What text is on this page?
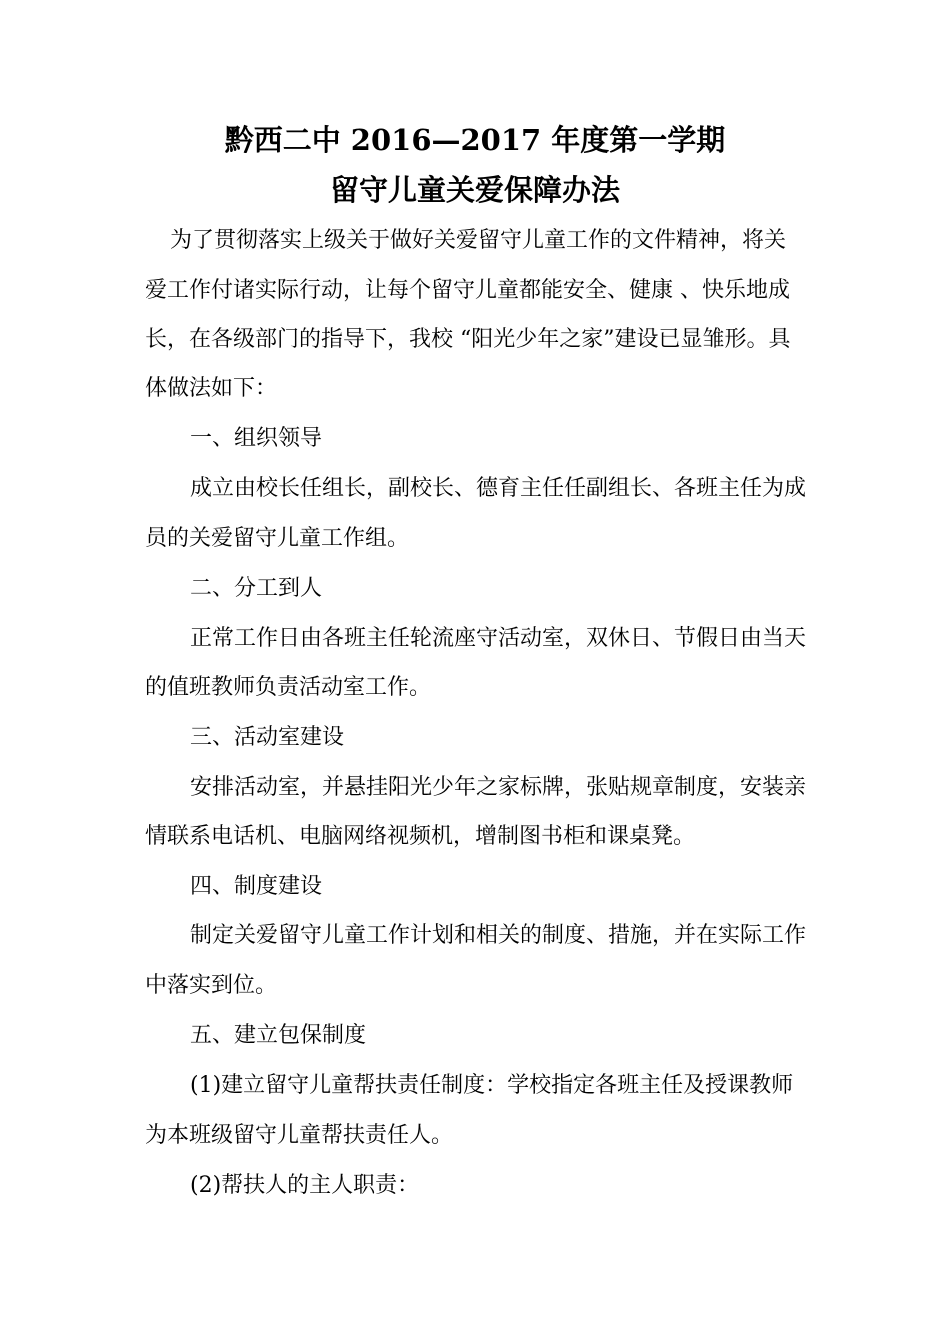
黔西二中 2016—2017 年度第一学期
留守儿童关爱保障办法
为了贯彻落实上级关于做好关爱留守儿童工作的文件精神，将关
爱工作付诸实际行动，让每个留守儿童都能安全、健康 、快乐地成
长，在各级部门的指导下，我校 “阳光少年之家”建设已显雏形。具
体做法如下：
一、组织领导
成立由校长任组长，副校长、德育主任任副组长、各班主任为成
员的关爱留守儿童工作组。
二、分工到人
正常工作日由各班主任轮流座守活动室，双休日、节假日由当天
的值班教师负责活动室工作。
三、活动室建设
安排活动室，并悬挂阳光少年之家标牌，张贴规章制度，安装亲
情联系电话机、电脑网络视频机，增制图书柜和课桌凳。
四、制度建设
制定关爱留守儿童工作计划和相关的制度、措施，并在实际工作
中落实到位。
五、建立包保制度
(1)建立留守儿童帮扶责任制度：学校指定各班主任及授课教师
为本班级留守儿童帮扶责任人。
(2)帮扶人的主人职责：
